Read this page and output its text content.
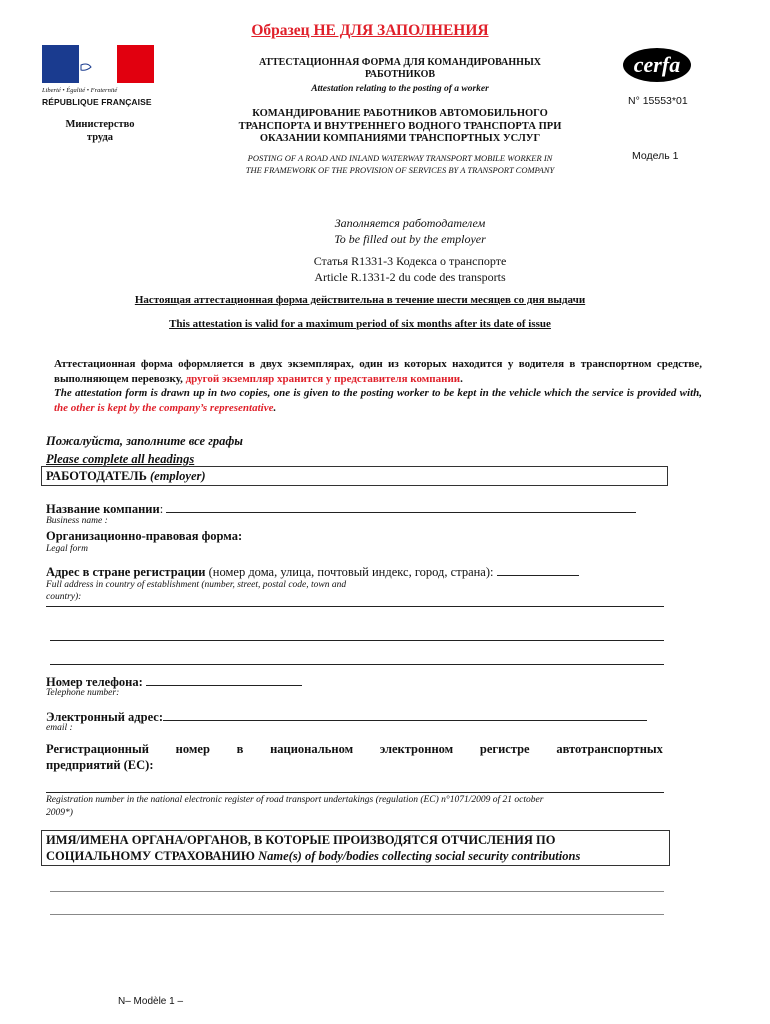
Образец НЕ ДЛЯ ЗАПОЛНЕНИЯ
Liberté • Égalité • Fraternité
RÉPUBLIQUE FRANÇAISE
Министерство
труда
АТТЕСТАЦИОННАЯ ФОРМА ДЛЯ КОМАНДИРОВАННЫХ
РАБОТНИКОВ
Attestation relating to the posting of a worker
КОМАНДИРОВАНИЕ РАБОТНИКОВ АВТОМОБИЛЬНОГО
ТРАНСПОРТА И ВНУТРЕННЕГО ВОДНОГО ТРАНСПОРТА ПРИ
ОКАЗАНИИ КОМПАНИЯМИ ТРАНСПОРТНЫХ УСЛУГ
POSTING OF A ROAD AND INLAND WATERWAY TRANSPORT MOBILE WORKER IN
THE FRAMEWORK OF THE PROVISION OF SERVICES BY A TRANSPORT COMPANY
cerfa
N° 15553*01
Модель 1
Заполняется работодателем
To be filled out by the employer
Статья R1331-3 Кодекса о транспорте
Article R.1331-2 du code des transports
Настоящая аттестационная форма действительна в течение шести месяцев со дня выдачи
This attestation is valid for a maximum period of six months after its date of issue
Аттестационная форма оформляется в двух экземплярах, один из которых находится у водителя в транспортном средстве, выполняющем перевозку, другой экземпляр хранится у представителя компании.
The attestation form is drawn up in two copies, one is given to the posting worker to be kept in the vehicle which the service is provided with, the other is kept by the company’s representative.
Пожалуйста, заполните все графы
Please complete all headings
РАБОТОДАТЕЛЬ (employer)
Название компании:
Business name :
Организационно-правовая форма:
Legal form
Адрес в стране регистрации (номер дома, улица, почтовый индекс, город, страна):
Full address in country of establishment (number, street, postal code, town and
country):
Номер телефона:
Telephone number:
Электронный адрес:
email :
Регистрационный номер в национальном электронном регистре автотранспортных
предприятий (ЕС):
Registration number in the national electronic register of road transport undertakings (regulation (EC) n°1071/2009 of 21 october
2009*)
ИМЯ/ИМЕНА ОРГАНА/ОРГАНОВ, В КОТОРЫЕ ПРОИЗВОДЯТСЯ ОТЧИСЛЕНИЯ ПО
СОЦИАЛЬНОМУ СТРАХОВАНИЮ Name(s) of body/bodies collecting social security contributions
N– Modèle 1 –
